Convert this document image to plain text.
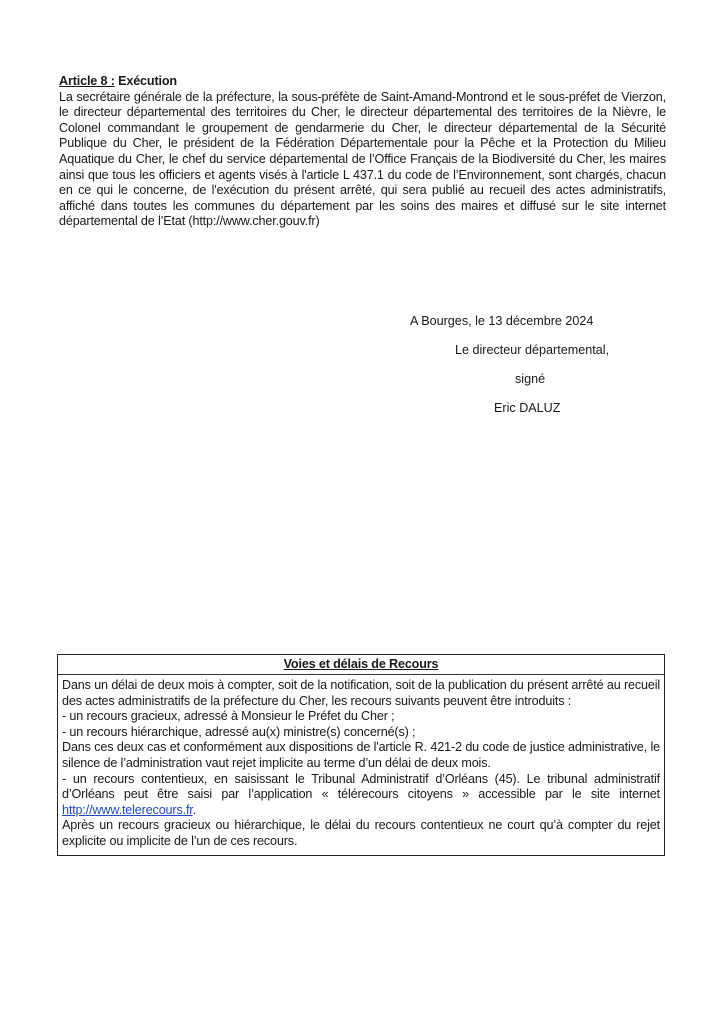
Article 8 : Exécution

La secrétaire générale de la préfecture, la sous-préfète de Saint-Amand-Montrond et le sous-préfet de Vierzon, le directeur départemental des territoires du Cher, le directeur départemental des territoires de la Nièvre, le Colonel commandant le groupement de gendarmerie du Cher, le directeur départemental de la Sécurité Publique du Cher, le président de la Fédération Départementale pour la Pêche et la Protection du Milieu Aquatique du Cher, le chef du service départemental de l’Office Français de la Biodiversité du Cher, les maires ainsi que tous les officiers et agents visés à l'article L 437.1 du code de l’Environnement, sont chargés, chacun en ce qui le concerne, de l'exécution du présent arrêté, qui sera publié au recueil des actes administratifs, affiché dans toutes les communes du département par les soins des maires et diffusé sur le site internet départemental de l’Etat (http://www.cher.gouv.fr)

A Bourges, le 13 décembre 2024
Le directeur départemental,
signé
Eric DALUZ
Voies et délais de Recours

Dans un délai de deux mois à compter, soit de la notification, soit de la publication du présent arrêté au recueil des actes administratifs de la préfecture du Cher, les recours suivants peuvent être introduits :

- un recours gracieux, adressé à Monsieur le Préfet du Cher ;

- un recours hiérarchique, adressé au(x) ministre(s) concerné(s) ;

Dans ces deux cas et conformément aux dispositions de l'article R. 421-2 du code de justice administrative, le silence de l’administration vaut rejet implicite au terme d’un délai de deux mois.

- un recours contentieux, en saisissant le Tribunal Administratif d’Orléans (45). Le tribunal administratif d’Orléans peut être saisi par l’application « télérecours citoyens » accessible par le site internet http://www.telerecours.fr.

Après un recours gracieux ou hiérarchique, le délai du recours contentieux ne court qu’à compter du rejet explicite ou implicite de l’un de ces recours.
